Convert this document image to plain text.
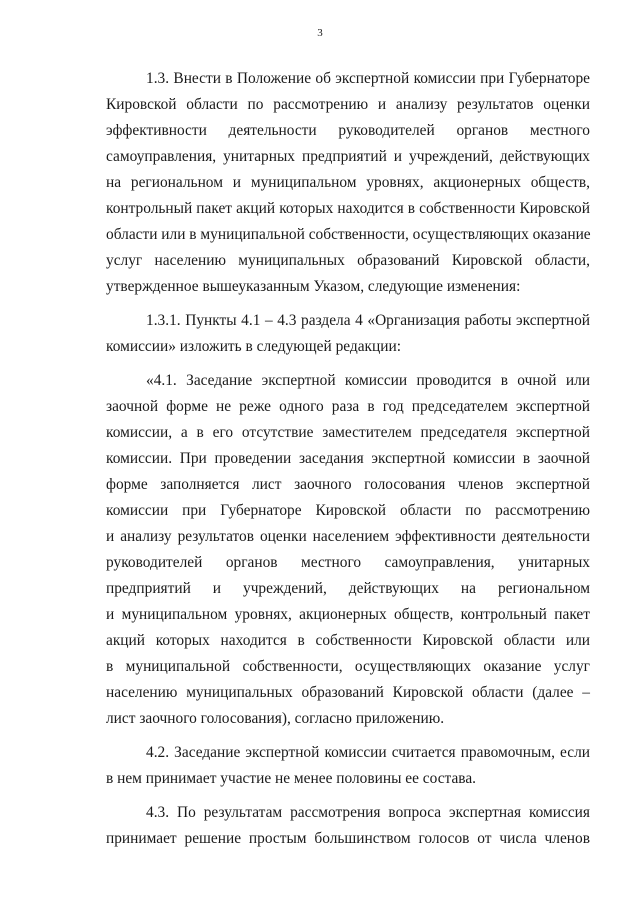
3
1.3. Внести в Положение об экспертной комиссии при Губернаторе
Кировской области по рассмотрению и анализу результатов оценки
эффективности деятельности руководителей органов местного
самоуправления, унитарных предприятий и учреждений, действующих
на региональном и муниципальном уровнях, акционерных обществ,
контрольный пакет акций которых находится в собственности Кировской
области или в муниципальной собственности, осуществляющих оказание
услуг населению муниципальных образований Кировской области,
утвержденное вышеуказанным Указом, следующие изменения:
1.3.1. Пункты 4.1 – 4.3 раздела 4 «Организация работы экспертной
комиссии» изложить в следующей редакции:
«4.1. Заседание экспертной комиссии проводится в очной или
заочной форме не реже одного раза в год председателем экспертной
комиссии, а в его отсутствие заместителем председателя экспертной
комиссии. При проведении заседания экспертной комиссии в заочной
форме заполняется лист заочного голосования членов экспертной
комиссии при Губернаторе Кировской области по рассмотрению
и анализу результатов оценки населением эффективности деятельности
руководителей органов местного самоуправления, унитарных
предприятий и учреждений, действующих на региональном
и муниципальном уровнях, акционерных обществ, контрольный пакет
акций которых находится в собственности Кировской области или
в муниципальной собственности, осуществляющих оказание услуг
населению муниципальных образований Кировской области (далее –
лист заочного голосования), согласно приложению.
4.2. Заседание экспертной комиссии считается правомочным, если
в нем принимает участие не менее половины ее состава.
4.3. По результатам рассмотрения вопроса экспертная комиссия
принимает решение простым большинством голосов от числа членов
